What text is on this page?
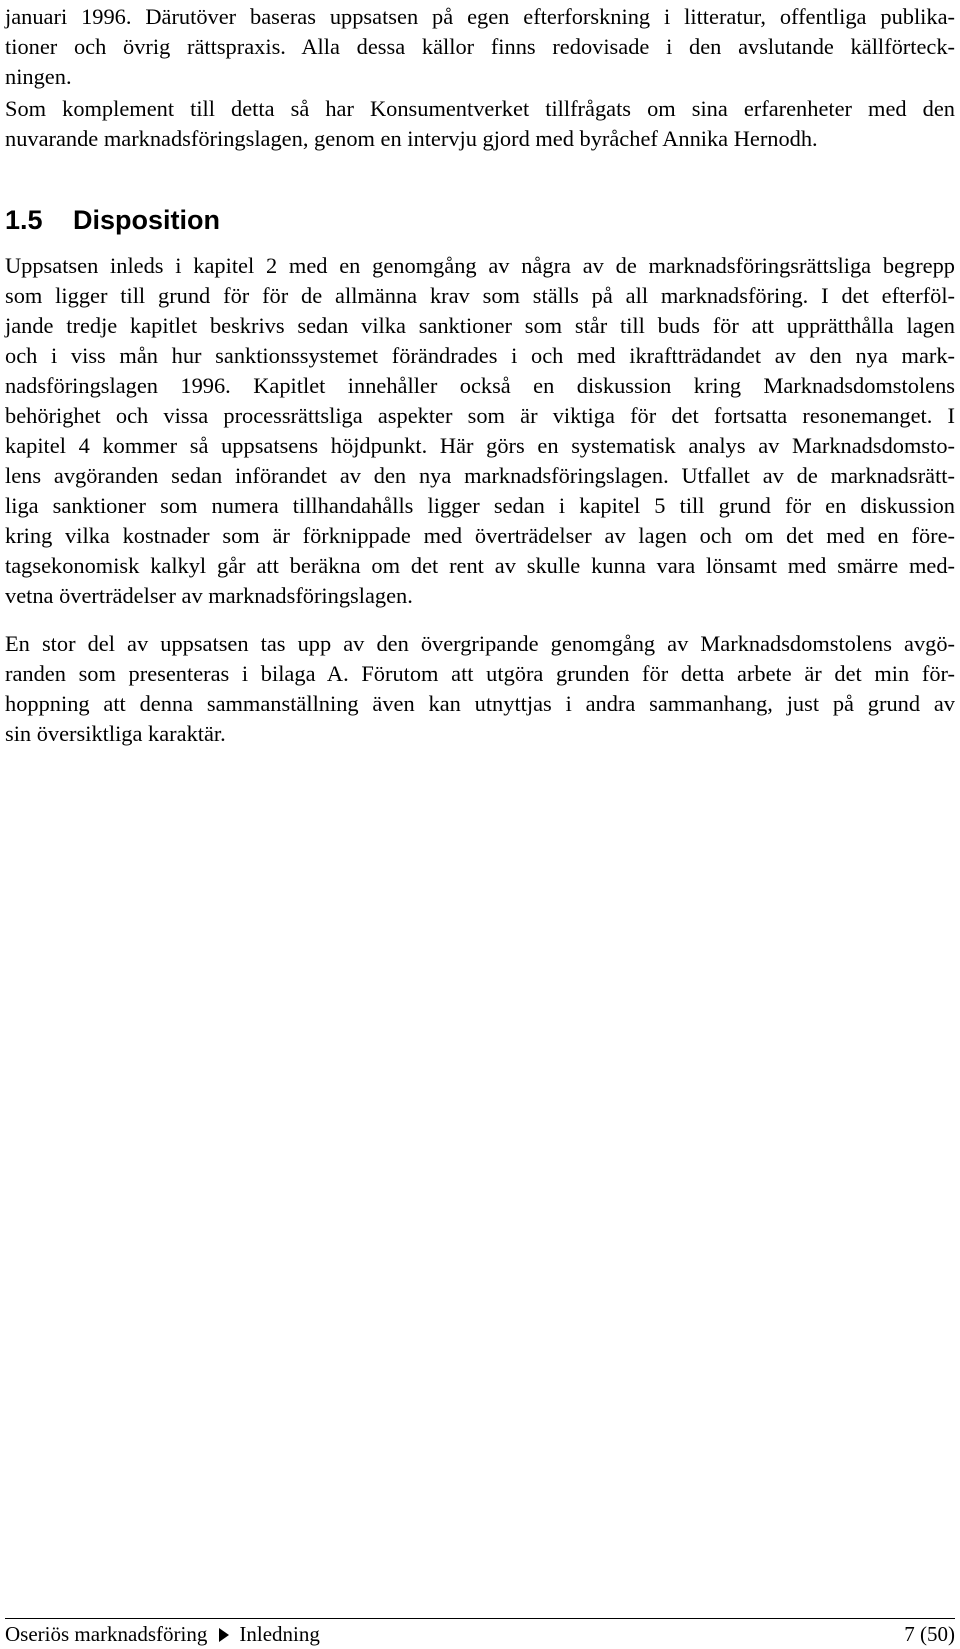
januari 1996. Därutöver baseras uppsatsen på egen efterforskning i litteratur, offentliga publika-
tioner och övrig rättspraxis. Alla dessa källor finns redovisade i den avslutande källförteck-
ningen.
Som komplement till detta så har Konsumentverket tillfrågats om sina erfarenheter med den
nuvarande marknadsföringslagen, genom en intervju gjord med byråchef Annika Hernodh.
1.5 Disposition
Uppsatsen inleds i kapitel 2 med en genomgång av några av de marknadsföringsrättsliga begrepp
som ligger till grund för för de allmänna krav som ställs på all marknadsföring. I det efterföl-
jande tredje kapitlet beskrivs sedan vilka sanktioner som står till buds för att upprätthålla lagen
och i viss mån hur sanktionssystemet förändrades i och med ikraftträdandet av den nya mark-
nadsföringslagen 1996. Kapitlet innehåller också en diskussion kring Marknadsdomstolens
behörighet och vissa processrättsliga aspekter som är viktiga för det fortsatta resonemanget. I
kapitel 4 kommer så uppsatsens höjdpunkt. Här görs en systematisk analys av Marknadsdomsto-
lens avgöranden sedan införandet av den nya marknadsföringslagen. Utfallet av de marknadsrätt-
liga sanktioner som numera tillhandahålls ligger sedan i kapitel 5 till grund för en diskussion
kring vilka kostnader som är förknippade med överträdelser av lagen och om det med en före-
tagsekonomisk kalkyl går att beräkna om det rent av skulle kunna vara lönsamt med smärre med-
vetna överträdelser av marknadsföringslagen.
En stor del av uppsatsen tas upp av den övergripande genomgång av Marknadsdomstolens avgö-
randen som presenteras i bilaga A. Förutom att utgöra grunden för detta arbete är det min för-
hoppning att denna sammanställning även kan utnyttjas i andra sammanhang, just på grund av
sin översiktliga karaktär.
Oseriös marknadsföring Inledning	7 (50)
